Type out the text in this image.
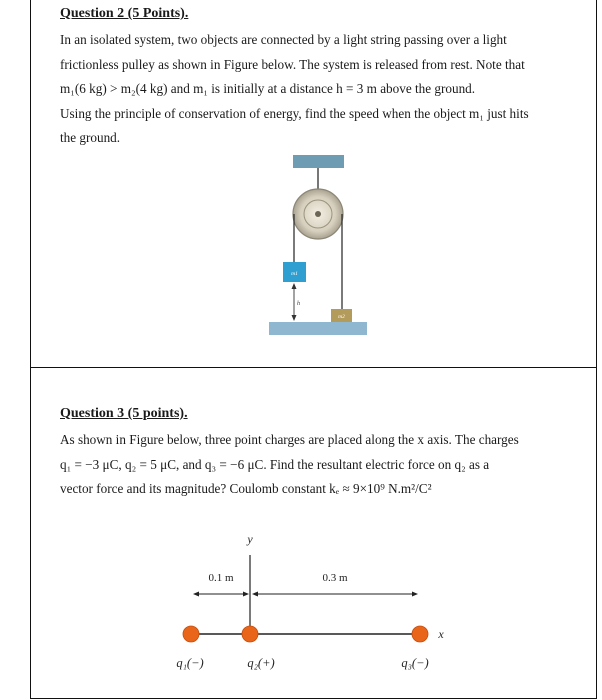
Question 2 (5 Points).
In an isolated system, two objects are connected by a light string passing over a light
frictionless pulley as shown in Figure below. The system is released from rest. Note that
m₁(6 kg) > m₂(4 kg) and m₁ is initially at a distance h = 3 m above the ground.
Using the principle of conservation of energy, find the speed when the object m₁ just hits
the ground.
m1
h
m2
Question 3 (5 points).
As shown in Figure below, three point charges are placed along the x axis. The charges
q₁ = −3 μC, q₂ = 5 μC, and q₃ = −6 μC. Find the resultant electric force on q₂ as a
vector force and its magnitude? Coulomb constant kₑ ≈ 9×10⁹ N.m²/C²
y
x
0.1 m	0.3 m
q₁(−)	q₂(+)	q₃(−)
